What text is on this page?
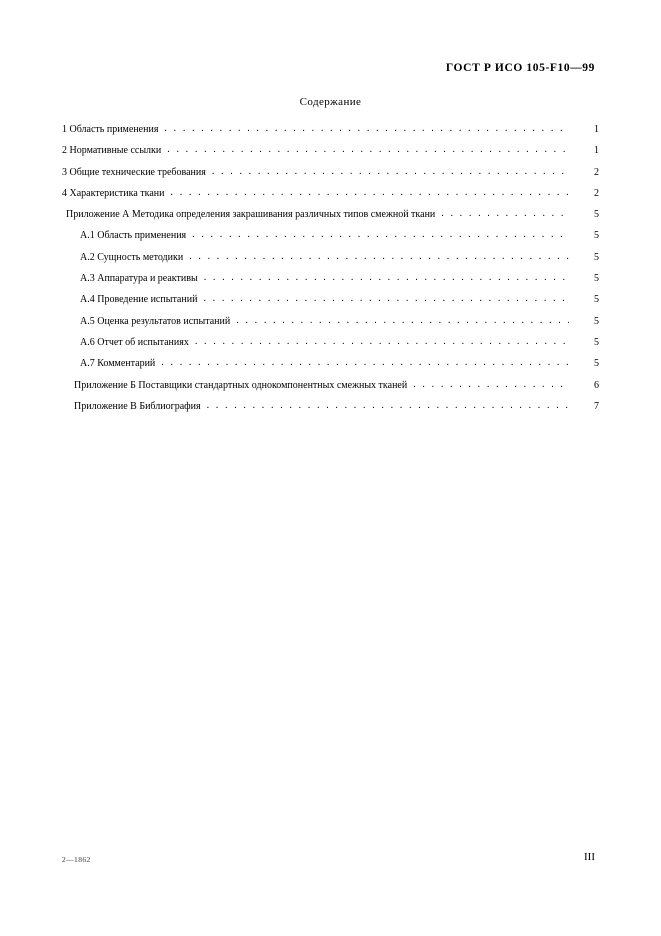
ГОСТ Р ИСО 105-F10—99
Содержание
1 Область применения . . .	1
2 Нормативные ссылки . . .	1
3 Общие технические требования . . .	2
4 Характеристика ткани . . .	2
Приложение А Методика определения закрашивания различных типов смежной ткани . . .	5
А.1 Область применения . . .	5
А.2 Сущность методики . . .	5
А.3 Аппаратура и реактивы . . .	5
А.4 Проведение испытаний . . .	5
А.5 Оценка результатов испытаний . . .	5
А.6 Отчет об испытаниях . . .	5
А.7 Комментарий . . .	5
Приложение Б Поставщики стандартных однокомпонентных смежных тканей . . .	6
Приложение В Библиография . . .	7
2—1862	III
